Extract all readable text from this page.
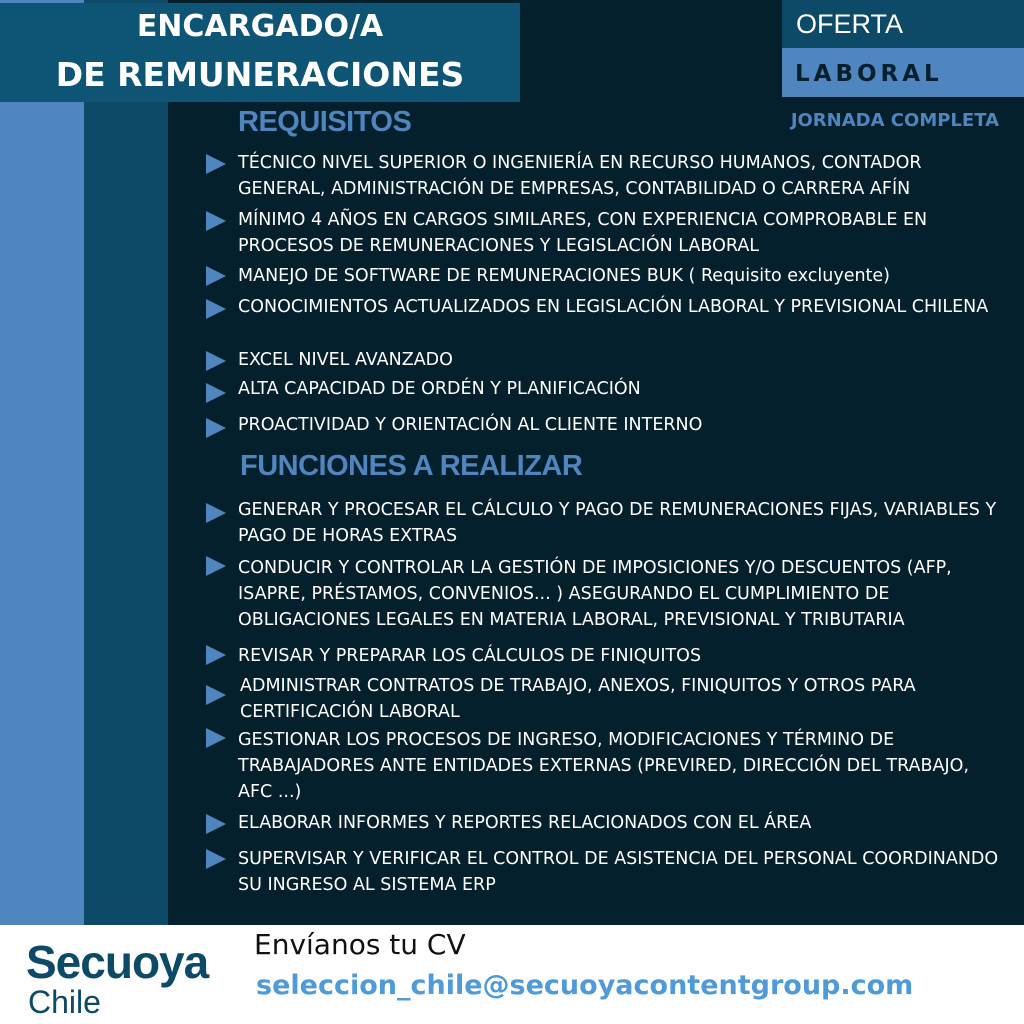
ENCARGADO/A
DE REMUNERACIONES
OFERTA
LABORAL
JORNADA COMPLETA
REQUISITOS
TÉCNICO NIVEL SUPERIOR O INGENIERÍA EN RECURSO HUMANOS, CONTADOR GENERAL, ADMINISTRACIÓN DE EMPRESAS, CONTABILIDAD O CARRERA AFÍN
MÍNIMO 4 AÑOS EN CARGOS SIMILARES, CON EXPERIENCIA COMPROBABLE EN PROCESOS DE REMUNERACIONES Y LEGISLACIÓN LABORAL
MANEJO DE SOFTWARE DE REMUNERACIONES BUK ( Requisito excluyente)
CONOCIMIENTOS ACTUALIZADOS EN LEGISLACIÓN LABORAL Y PREVISIONAL CHILENA
EXCEL NIVEL AVANZADO
ALTA CAPACIDAD DE ORDÉN Y PLANIFICACIÓN
PROACTIVIDAD Y ORIENTACIÓN AL CLIENTE INTERNO
FUNCIONES A REALIZAR
GENERAR Y PROCESAR EL CÁLCULO Y PAGO DE REMUNERACIONES FIJAS, VARIABLES Y PAGO DE HORAS EXTRAS
CONDUCIR Y CONTROLAR LA GESTIÓN DE IMPOSICIONES Y/O DESCUENTOS (AFP, ISAPRE, PRÉSTAMOS, CONVENIOS... ) ASEGURANDO EL CUMPLIMIENTO DE OBLIGACIONES LEGALES EN MATERIA LABORAL, PREVISIONAL Y TRIBUTARIA
REVISAR Y PREPARAR LOS CÁLCULOS DE FINIQUITOS
ADMINISTRAR CONTRATOS DE TRABAJO, ANEXOS, FINIQUITOS Y OTROS PARA CERTIFICACIÓN LABORAL
GESTIONAR LOS PROCESOS DE INGRESO, MODIFICACIONES Y TÉRMINO DE TRABAJADORES ANTE ENTIDADES EXTERNAS (PREVIRED, DIRECCIÓN DEL TRABAJO, AFC ...)
ELABORAR INFORMES Y REPORTES RELACIONADOS CON EL ÁREA
SUPERVISAR Y VERIFICAR EL CONTROL DE ASISTENCIA DEL PERSONAL COORDINANDO SU INGRESO AL SISTEMA ERP
Secuoya
Chile
Envíanos tu CV
seleccion_chile@secuoyacontentgroup.com
